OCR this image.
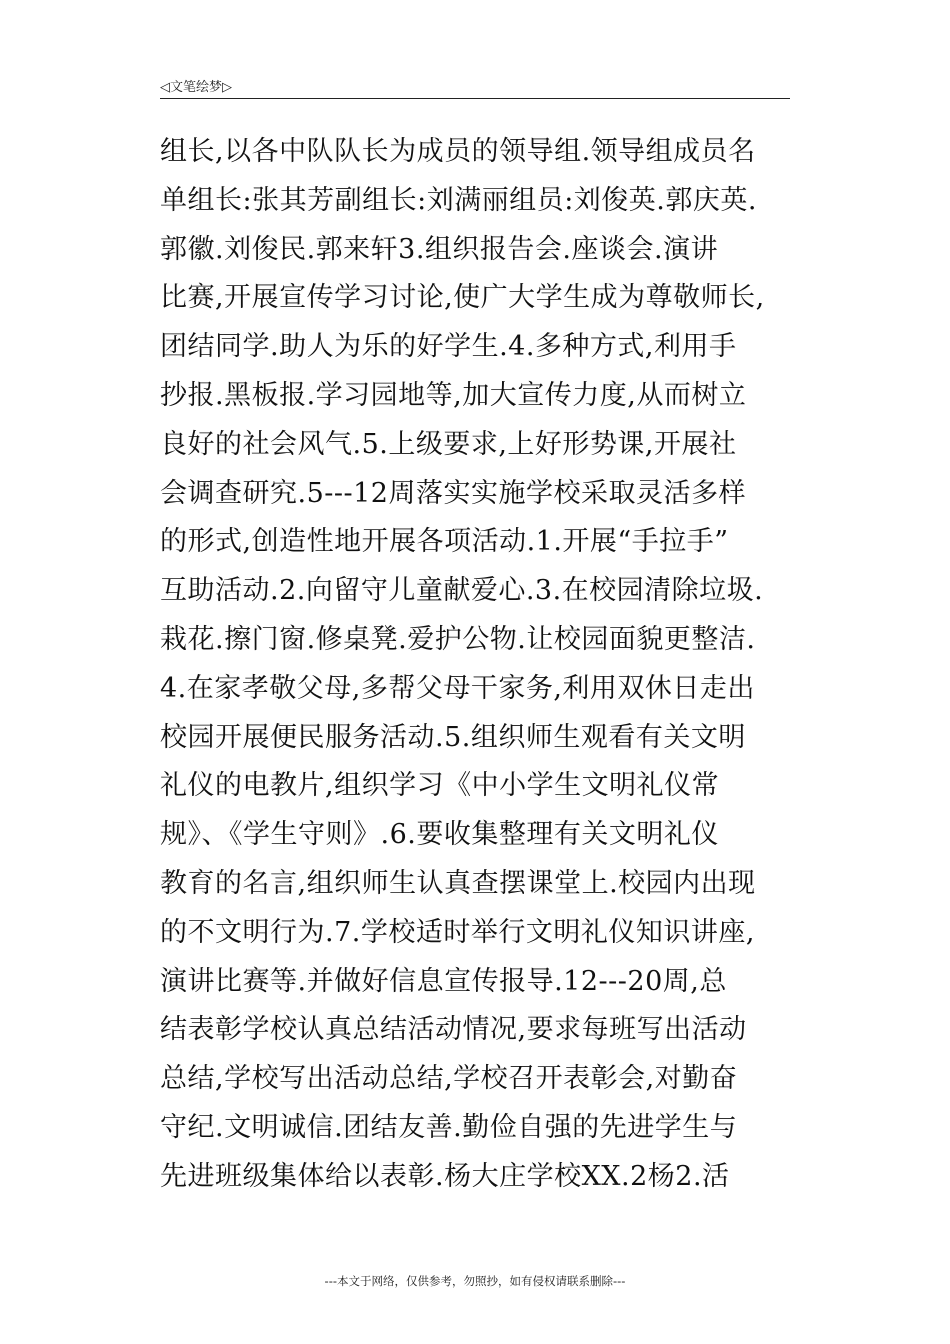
◁文笔绘梦▷
组长,以各中队队长为成员的领导组.领导组成员名
单组长:张其芳副组长:刘满丽组员:刘俊英.郭庆英.
郭徽.刘俊民.郭来轩3.组织报告会.座谈会.演讲
比赛,开展宣传学习讨论,使广大学生成为尊敬师长,
团结同学.助人为乐的好学生.4.多种方式,利用手
抄报.黑板报.学习园地等,加大宣传力度,从而树立
良好的社会风气.5.上级要求,上好形势课,开展社
会调查研究.5---12周落实实施学校采取灵活多样
的形式,创造性地开展各项活动.1.开展“手拉手”
互助活动.2.向留守儿童献爱心.3.在校园清除垃圾.
栽花.擦门窗.修桌凳.爱护公物.让校园面貌更整洁.
4.在家孝敬父母,多帮父母干家务,利用双休日走出
校园开展便民服务活动.5.组织师生观看有关文明
礼仪的电教片,组织学习《中小学生文明礼仪常
规》、《学生守则》.6.要收集整理有关文明礼仪
教育的名言,组织师生认真查摆课堂上.校园内出现
的不文明行为.7.学校适时举行文明礼仪知识讲座,
演讲比赛等.并做好信息宣传报导.12---20周,总
结表彰学校认真总结活动情况,要求每班写出活动
总结,学校写出活动总结,学校召开表彰会,对勤奋
守纪.文明诚信.团结友善.勤俭自强的先进学生与
先进班级集体给以表彰.杨大庄学校XX.2杨2.活
---本文于网络，仅供参考，勿照抄，如有侵权请联系删除---
